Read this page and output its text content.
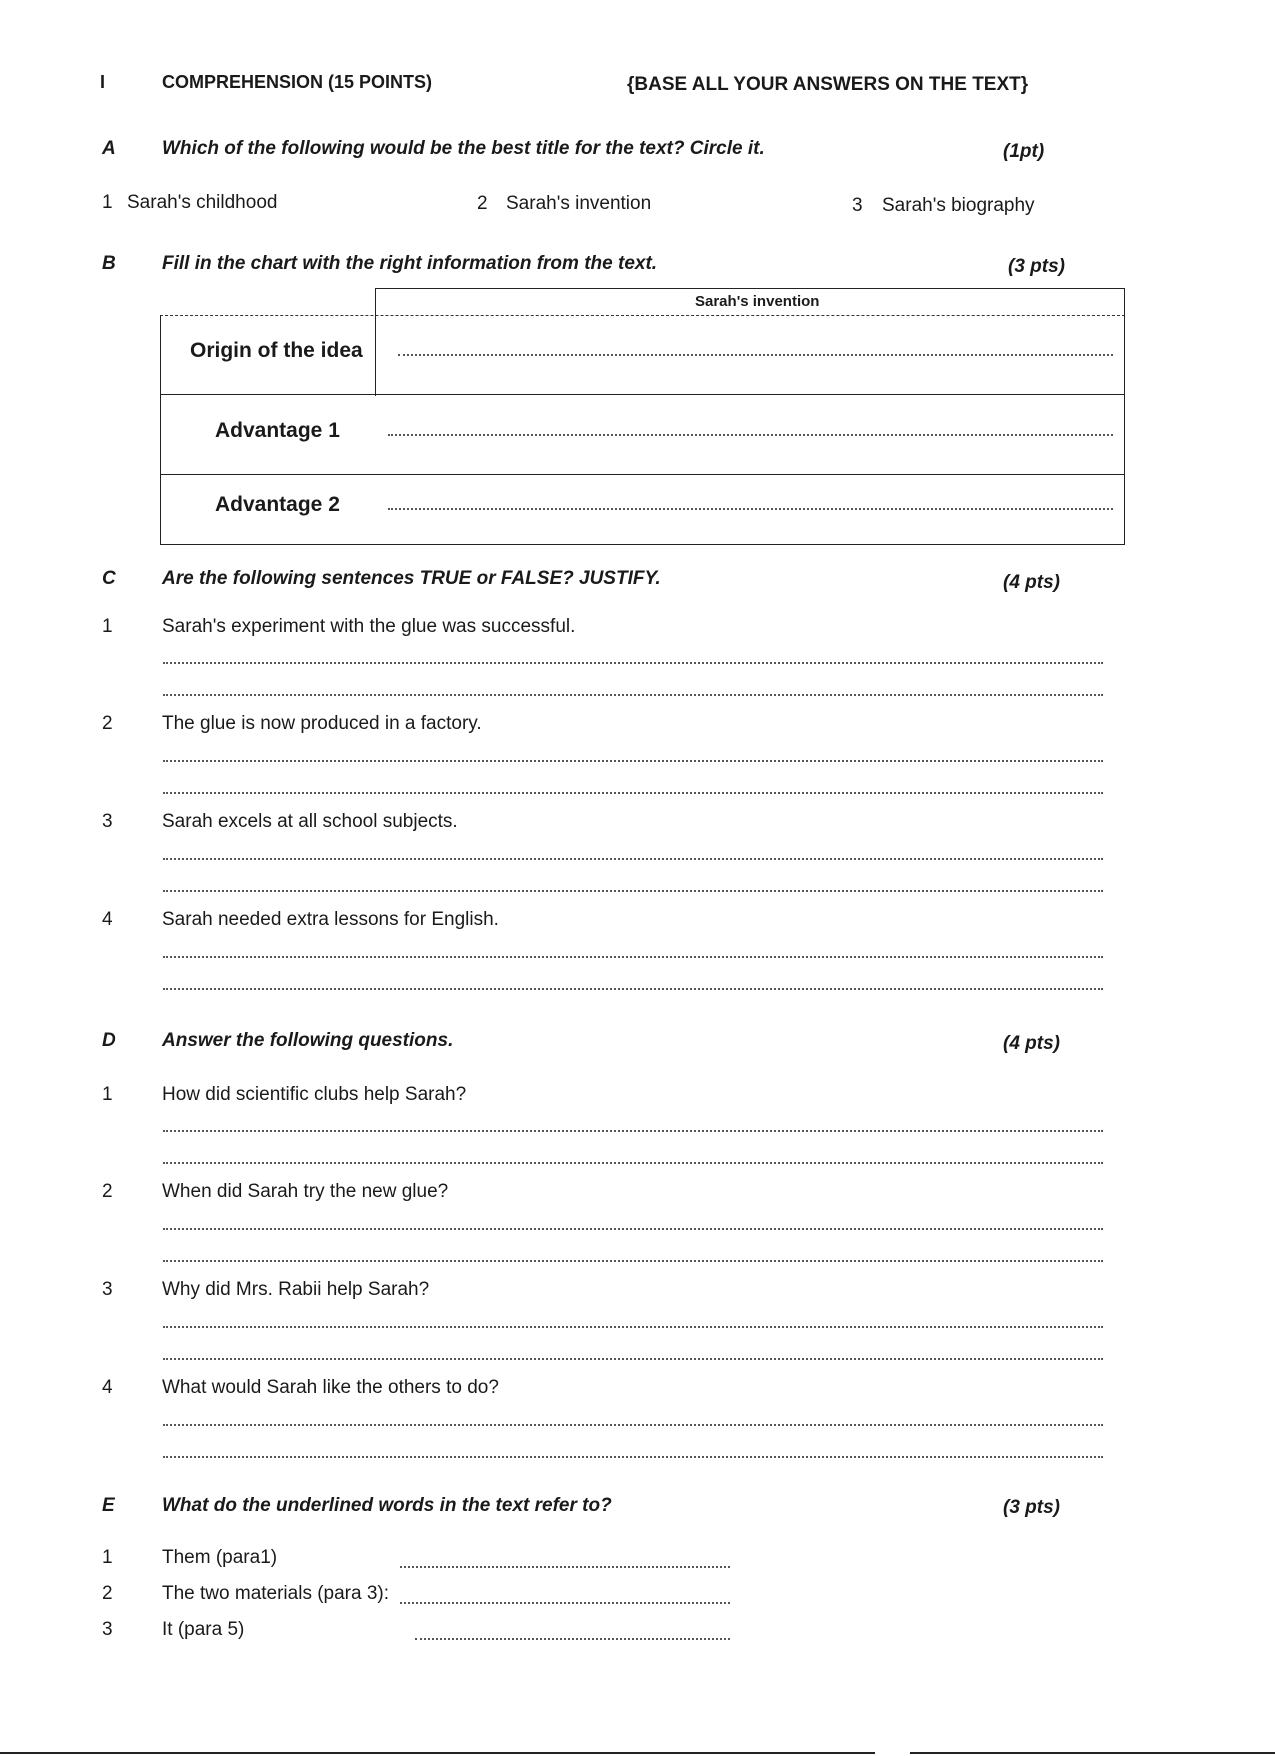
I	COMPREHENSION (15 POINTS)	{BASE ALL YOUR ANSWERS ON THE TEXT}
A Which of the following would be the best title for the text? Circle it.	(1pt)
1 Sarah's childhood	2 Sarah's invention	3 Sarah's biography
B Fill in the chart with the right information from the text.	(3 pts)
Sarah's invention
Origin of the idea
Advantage 1
Advantage 2
C Are the following sentences TRUE or FALSE? JUSTIFY.	(4 pts)
1	Sarah's experiment with the glue was successful.
2	The glue is now produced in a factory.
3	Sarah excels at all school subjects.
4	Sarah needed extra lessons for English.
D Answer the following questions.	(4 pts)
1	How did scientific clubs help Sarah?
2	When did Sarah try the new glue?
3	Why did Mrs. Rabii help Sarah?
4	What would Sarah like the others to do?
E What do the underlined words in the text refer to?	(3 pts)
1	Them (para1)
2	The two materials (para 3):
3	It (para 5)
